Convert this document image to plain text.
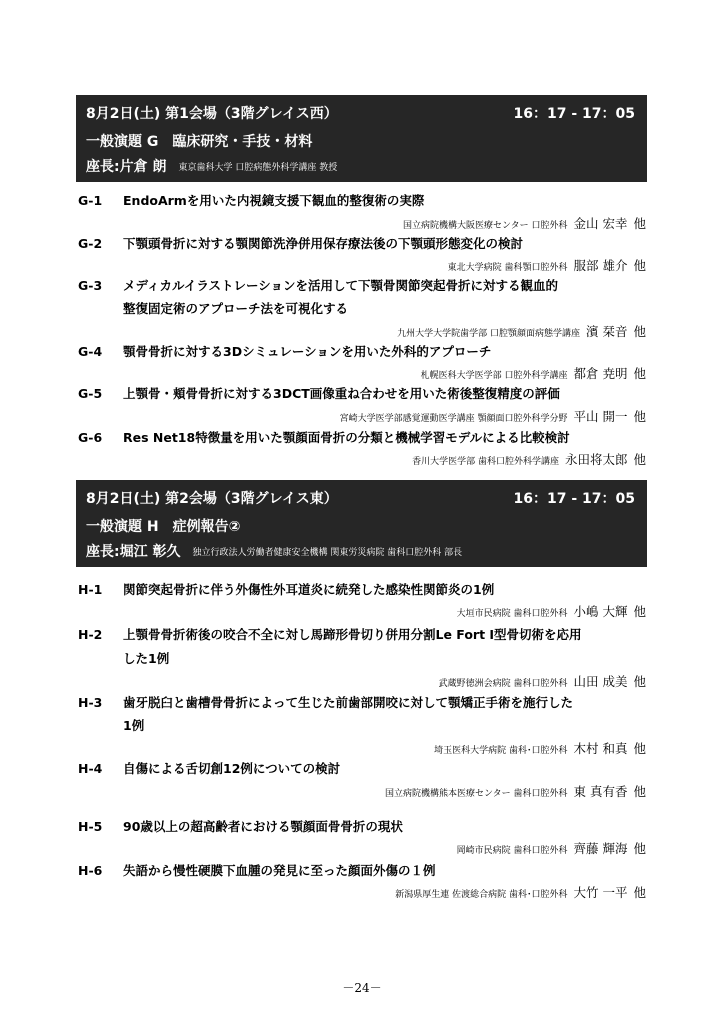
8月2日(土) 第1会場（3階グレイス西）	16：17 - 17：05
一般演題 G　臨床研究・手技・材料
座長:片倉 朗 東京歯科大学 口腔病態外科学講座 教授
G-1 EndoArmを用いた内視鏡支援下観血的整復術の実際
国立病院機構大阪医療センター 口腔外科 金山 宏幸 他
G-2 下顎頭骨折に対する顎関節洗浄併用保存療法後の下顎頭形態変化の検討
東北大学病院 歯科顎口腔外科 服部 雄介 他
G-3 メディカルイラストレーションを活用して下顎骨関節突起骨折に対する観血的
整復固定術のアプローチ法を可視化する
九州大学大学院歯学部 口腔顎顔面病態学講座 濱 栞音 他
G-4 顎骨骨折に対する3Dシミュレーションを用いた外科的アプローチ
札幌医科大学医学部 口腔外科学講座 都倉 尭明 他
G-5 上顎骨・頬骨骨折に対する3DCT画像重ね合わせを用いた術後整復精度の評価
宮崎大学医学部感覚運動医学講座 顎顔面口腔外科学分野 平山 開一 他
G-6 Res Net18特徴量を用いた顎顔面骨折の分類と機械学習モデルによる比較検討
香川大学医学部 歯科口腔外科学講座 永田将太郎 他
8月2日(土) 第2会場（3階グレイス東）	16：17 - 17：05
一般演題 H　症例報告②
座長:堀江 彰久 独立行政法人労働者健康安全機構 関東労災病院 歯科口腔外科 部長
H-1 関節突起骨折に伴う外傷性外耳道炎に続発した感染性関節炎の1例
大垣市民病院 歯科口腔外科 小嶋 大輝 他
H-2 上顎骨骨折術後の咬合不全に対し馬蹄形骨切り併用分割Le Fort I型骨切術を応用
した1例
武蔵野徳洲会病院 歯科口腔外科 山田 成美 他
H-3 歯牙脱臼と歯槽骨骨折によって生じた前歯部開咬に対して顎矯正手術を施行した
1例
埼玉医科大学病院 歯科･口腔外科 木村 和真 他
H-4 自傷による舌切創12例についての検討
国立病院機構熊本医療センター 歯科口腔外科 東 真有香 他
H-5 90歳以上の超高齢者における顎顔面骨骨折の現状
岡崎市民病院 歯科口腔外科 齊藤 輝海 他
H-6 失語から慢性硬膜下血腫の発見に至った顔面外傷の１例
新潟県厚生連 佐渡総合病院 歯科･口腔外科 大竹 一平 他
－24－
